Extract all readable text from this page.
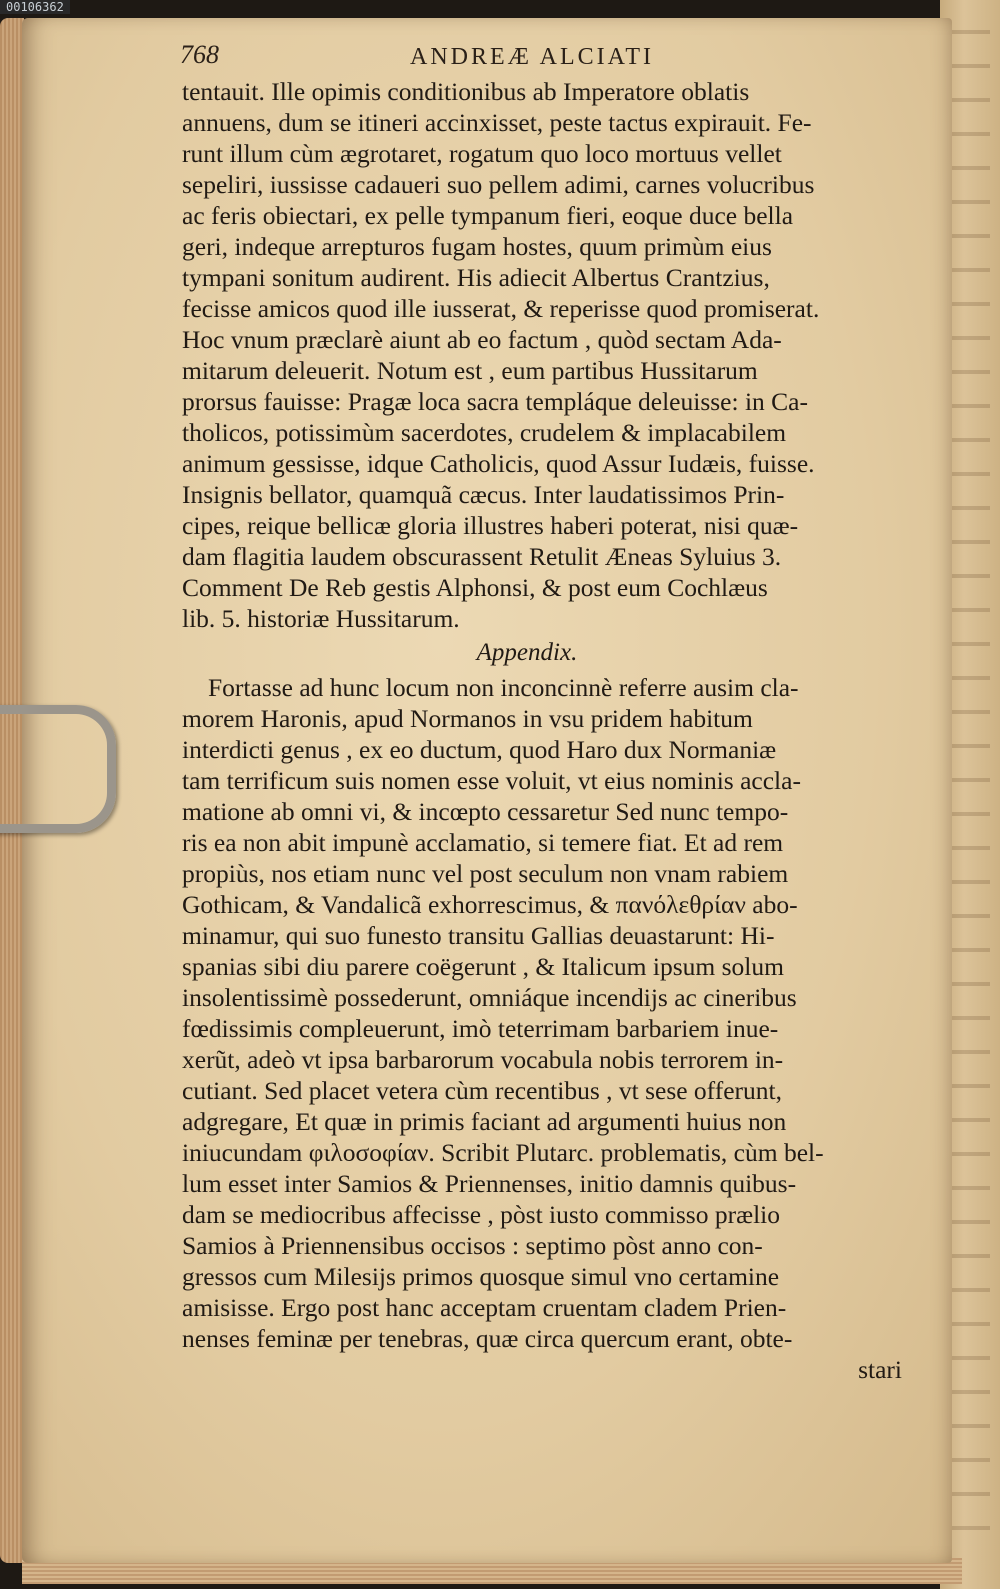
00106362
768	ANDREÆ ALCIATI
tentauit. Ille opimis conditionibus ab Imperatore oblatis
annuens, dum se itineri accinxisset, peste tactus expirauit. Fe-
runt illum cùm ægrotaret, rogatum quo loco mortuus vellet
sepeliri, iussisse cadaueri suo pellem adimi, carnes volucribus
ac feris obiectari, ex pelle tympanum fieri, eoque duce bella
geri, indeque arrepturos fugam hostes, quum primùm eius
tympani sonitum audirent. His adiecit Albertus Crantzius,
fecisse amicos quod ille iusserat, & reperisse quod promiserat.
Hoc vnum præclarè aiunt ab eo factum , quòd sectam Ada-
mitarum deleuerit. Notum est , eum partibus Hussitarum
prorsus fauisse: Pragæ loca sacra templáque deleuisse: in Ca-
tholicos, potissimùm sacerdotes, crudelem & implacabilem
animum gessisse, idque Catholicis, quod Assur Iudæis, fuisse.
Insignis bellator, quamquã cæcus. Inter laudatissimos Prin-
cipes, reique bellicæ gloria illustres haberi poterat, nisi quæ-
dam flagitia laudem obscurassent Retulit Æneas Syluius 3.
Comment De Reb gestis Alphonsi, & post eum Cochlæus
lib. 5. historiæ Hussitarum.
Appendix.
Fortasse ad hunc locum non inconcinnè referre ausim cla-
morem Haronis, apud Normanos in vsu pridem habitum
interdicti genus , ex eo ductum, quod Haro dux Normaniæ
tam terrificum suis nomen esse voluit, vt eius nominis accla-
matione ab omni vi, & incœpto cessaretur Sed nunc tempo-
ris ea non abit impunè acclamatio, si temere fiat. Et ad rem
propiùs, nos etiam nunc vel post seculum non vnam rabiem
Gothicam, & Vandalicã exhorrescimus, & πανόλεθρίαν abo-
minamur, qui suo funesto transitu Gallias deuastarunt: Hi-
spanias sibi diu parere coëgerunt , & Italicum ipsum solum
insolentissimè possederunt, omniáque incendijs ac cineribus
fœdissimis compleuerunt, imò teterrimam barbariem inue-
xerũt, adeò vt ipsa barbarorum vocabula nobis terrorem in-
cutiant. Sed placet vetera cùm recentibus , vt sese offerunt,
adgregare, Et quæ in primis faciant ad argumenti huius non
iniucundam φιλοσοφίαν. Scribit Plutarc. problematis, cùm bel-
lum esset inter Samios & Priennenses, initio damnis quibus-
dam se mediocribus affecisse , pòst iusto commisso prælio
Samios à Priennensibus occisos : septimo pòst anno con-
gressos cum Milesijs primos quosque simul vno certamine
amisisse. Ergo post hanc acceptam cruentam cladem Prien-
nenses feminæ per tenebras, quæ circa quercum erant, obte-
stari
